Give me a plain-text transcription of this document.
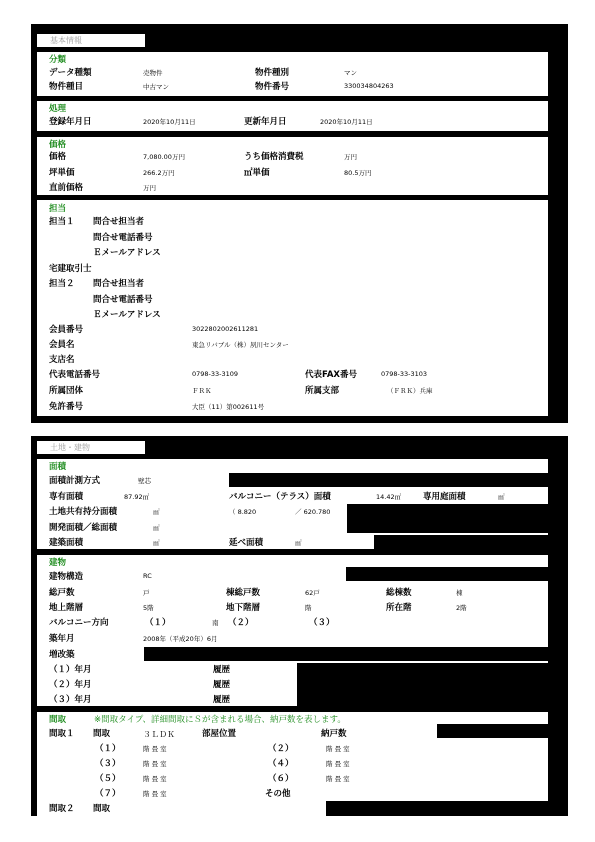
基本情報
土地・建物
分類
データ種類	売物件	物件種別	マン
物件種目	中古マン	物件番号	330034804263
処理
登録年月日	2020年10月11日	更新年月日	2020年10月11日
価格
価格	7,080.00万円	うち価格消費税	万円
坪単価	266.2万円	㎡単価	80.5万円
直前価格	万円
担当
担当１ 問合せ担当者
問合せ電話番号
Ｅメールアドレス
宅建取引士
担当２ 問合せ担当者
問合せ電話番号
Ｅメールアドレス
会員番号	3022802002611281
会員名	東急リバブル（株）夙川センター
支店名
代表電話番号	0798-33-3109	代表FAX番号	0798-33-3103
所属団体	ＦＲＫ	所属支部	（ＦＲＫ）兵庫
免許番号	大臣（11）第002611号
面積
面積計測方式	壁芯
専有面積	87.92㎡	バルコニー（テラス）面積	14.42㎡	専用庭面積	㎡
土地共有持分面積	㎡	（ 8.820	／ 620.780	）
開発面積／総面積	㎡
建築面積	㎡	延べ面積	㎡
建物
建物構造	RC
総戸数	戸	棟総戸数	62戸	総棟数	棟
地上階層	5階	地下階層	階	所在階	2階
バルコニー方向	（１）	南 （２）	（３）
築年月	2008年（平成20年）6月
増改築
（１）年月	履歴
（２）年月	履歴
（３）年月	履歴
間取	※間取タイプ、詳細間取にＳが含まれる場合、納戸数を表します。
間取１ 間取	３ＬＤＫ	部屋位置	納戸数
（１）	階 畳 室	（２）	階 畳 室
（３）	階 畳 室	（４）	階 畳 室
（５）	階 畳 室	（６）	階 畳 室
（７）	階 畳 室	その他
間取２ 間取
